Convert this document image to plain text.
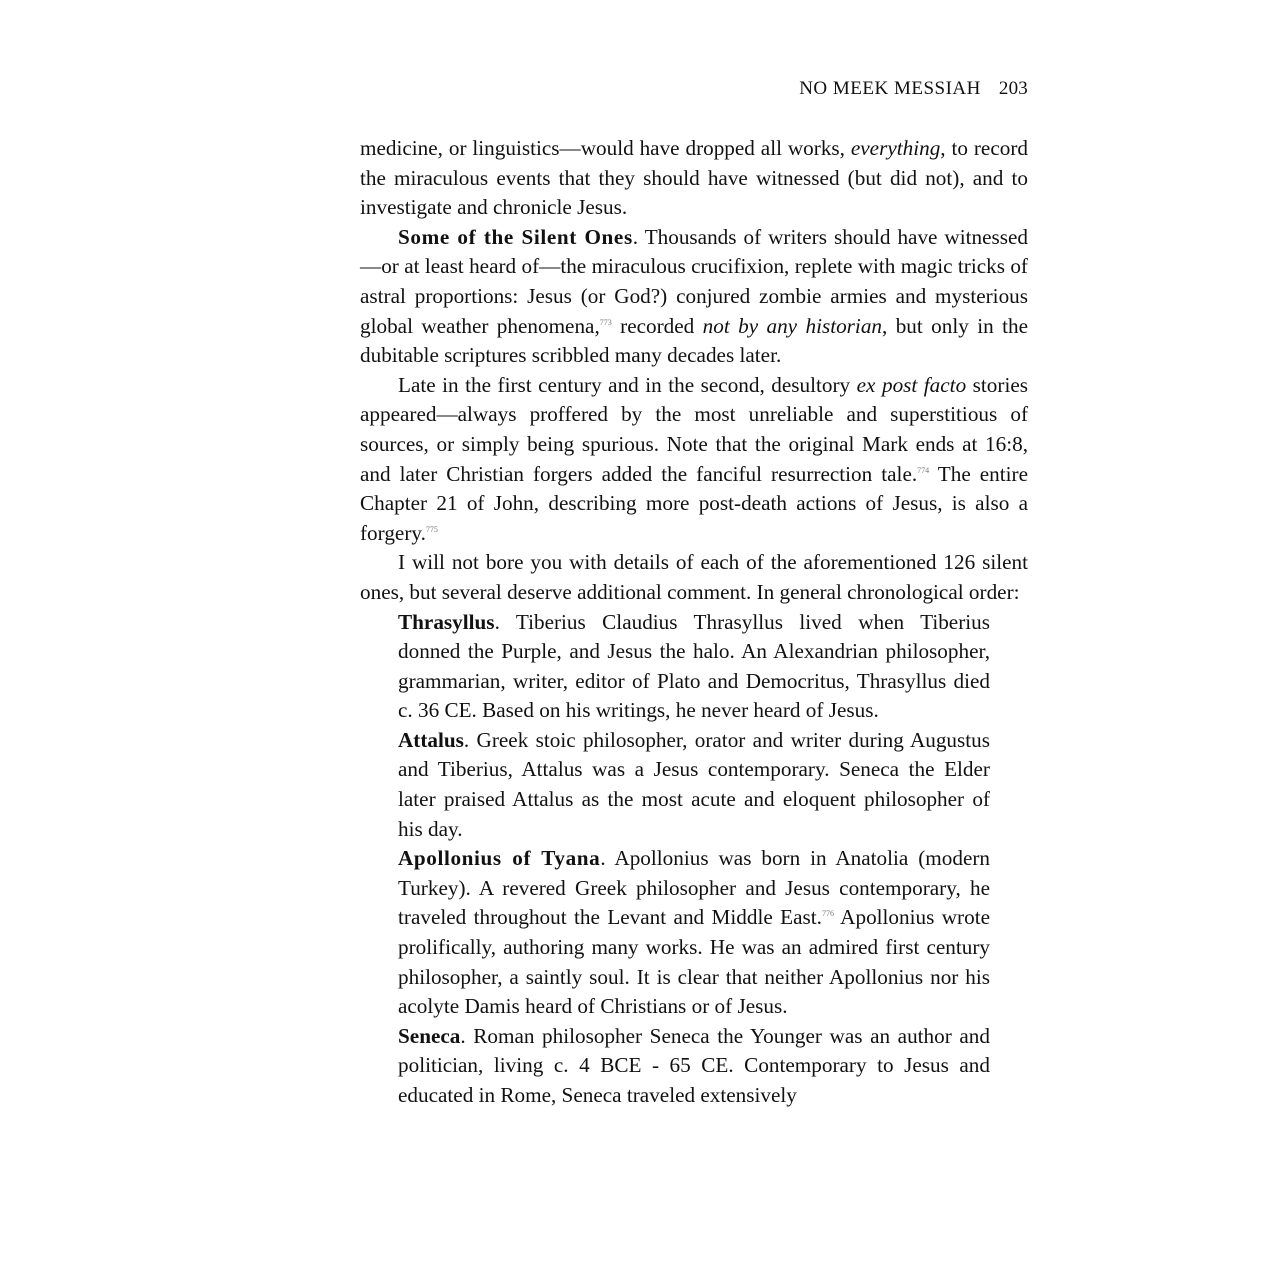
NO MEEK MESSIAH 203

medicine, or linguistics—would have dropped all works, everything, to record the miraculous events that they should have witnessed (but did not), and to investigate and chronicle Jesus.

Some of the Silent Ones. Thousands of writers should have witnessed—or at least heard of—the miraculous crucifixion, replete with magic tricks of astral proportions: Jesus (or God?) conjured zombie armies and mysterious global weather phenomena,$^{773}$ recorded not by any historian, but only in the dubitable scriptures scribbled many decades later.

Late in the first century and in the second, desultory ex post facto stories appeared—always proffered by the most unreliable and superstitious of sources, or simply being spurious. Note that the original Mark ends at 16:8, and later Christian forgers added the fanciful resurrection tale.$^{774}$ The entire Chapter 21 of John, describing more post-death actions of Jesus, is also a forgery.$^{775}$

I will not bore you with details of each of the aforementioned 126 silent ones, but several deserve additional comment. In general chronological order:

Thrasyllus. Tiberius Claudius Thrasyllus lived when Tiberius donned the Purple, and Jesus the halo. An Alexandrian philosopher, grammarian, writer, editor of Plato and Democritus, Thrasyllus died c. 36 CE. Based on his writings, he never heard of Jesus.

Attalus. Greek stoic philosopher, orator and writer during Augustus and Tiberius, Attalus was a Jesus contemporary. Seneca the Elder later praised Attalus as the most acute and eloquent philosopher of his day.

Apollonius of Tyana. Apollonius was born in Anatolia (modern Turkey). A revered Greek philosopher and Jesus contemporary, he traveled throughout the Levant and Middle East.$^{776}$ Apollonius wrote prolifically, authoring many works. He was an admired first century philosopher, a saintly soul. It is clear that neither Apollonius nor his acolyte Damis heard of Christians or of Jesus.

Seneca. Roman philosopher Seneca the Younger was an author and politician, living c. 4 BCE - 65 CE. Contemporary to Jesus and educated in Rome, Seneca traveled extensively
